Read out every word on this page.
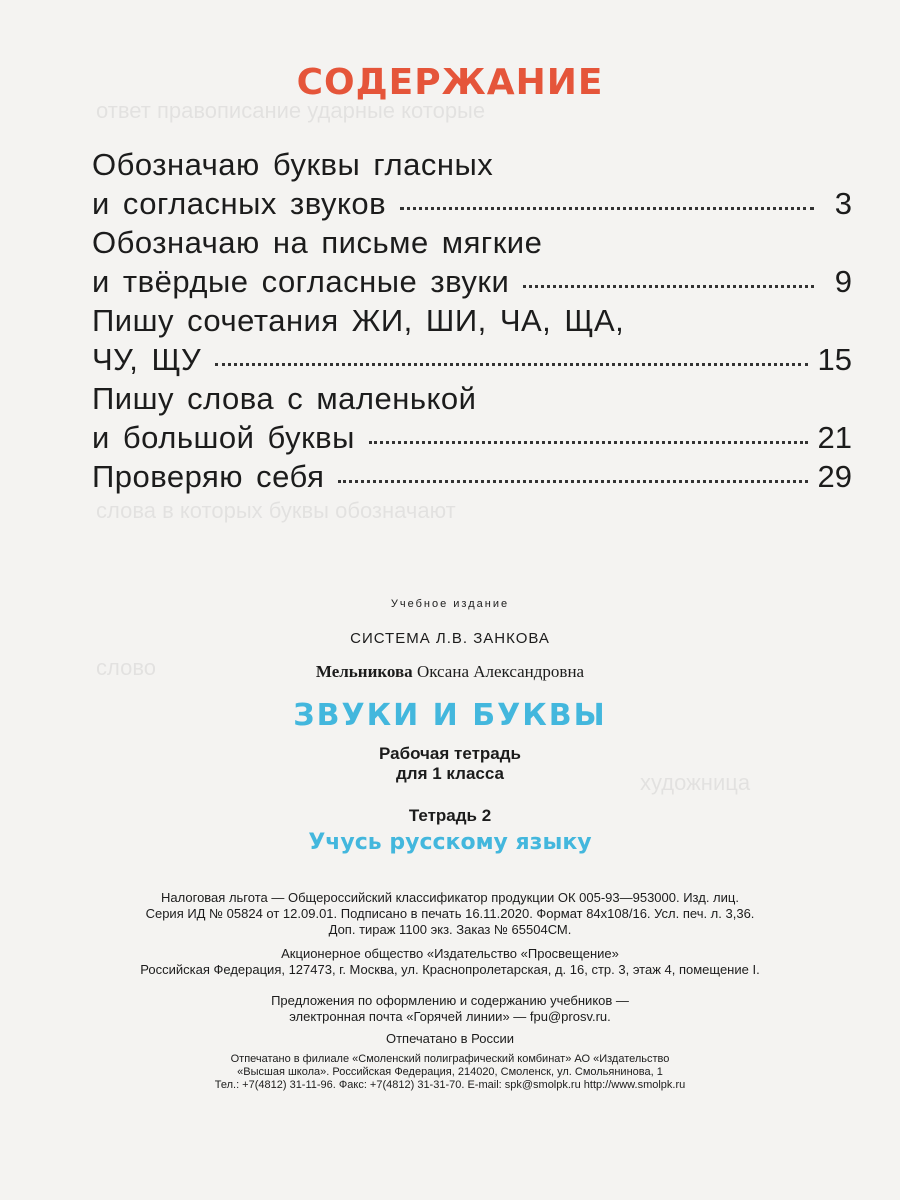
ответ правописание ударные которые
слова в которых буквы обозначают
слово
художница
СОДЕРЖАНИЕ
Обозначаю буквы гласных
и согласных звуков	3
Обозначаю на письме мягкие
и твёрдые согласные звуки	9
Пишу сочетания ЖИ, ШИ, ЧА, ЩА,
ЧУ, ЩУ	15
Пишу слова с маленькой
и большой буквы	21
Проверяю себя	29
Учебное издание
СИСТЕМА Л.В. ЗАНКОВА
Мельникова Оксана Александровна
ЗВУКИ И БУКВЫ
Рабочая тетрадь
для 1 класса
Тетрадь 2
Учусь русскому языку
Налоговая льгота — Общероссийский классификатор продукции ОК 005-93—953000. Изд. лиц.
Серия ИД № 05824 от 12.09.01. Подписано в печать 16.11.2020. Формат 84x108/16. Усл. печ. л. 3,36.
Доп. тираж 1100 экз. Заказ № 65504СМ.
Акционерное общество «Издательство «Просвещение»
Российская Федерация, 127473, г. Москва, ул. Краснопролетарская, д. 16, стр. 3, этаж 4, помещение I.
Предложения по оформлению и содержанию учебников —
электронная почта «Горячей линии» — fpu@prosv.ru.
Отпечатано в России
Отпечатано в филиале «Смоленский полиграфический комбинат» АО «Издательство
«Высшая школа». Российская Федерация, 214020, Смоленск, ул. Смольянинова, 1
Тел.: +7(4812) 31-11-96. Факс: +7(4812) 31-31-70. E-mail: spk@smolpk.ru http://www.smolpk.ru
